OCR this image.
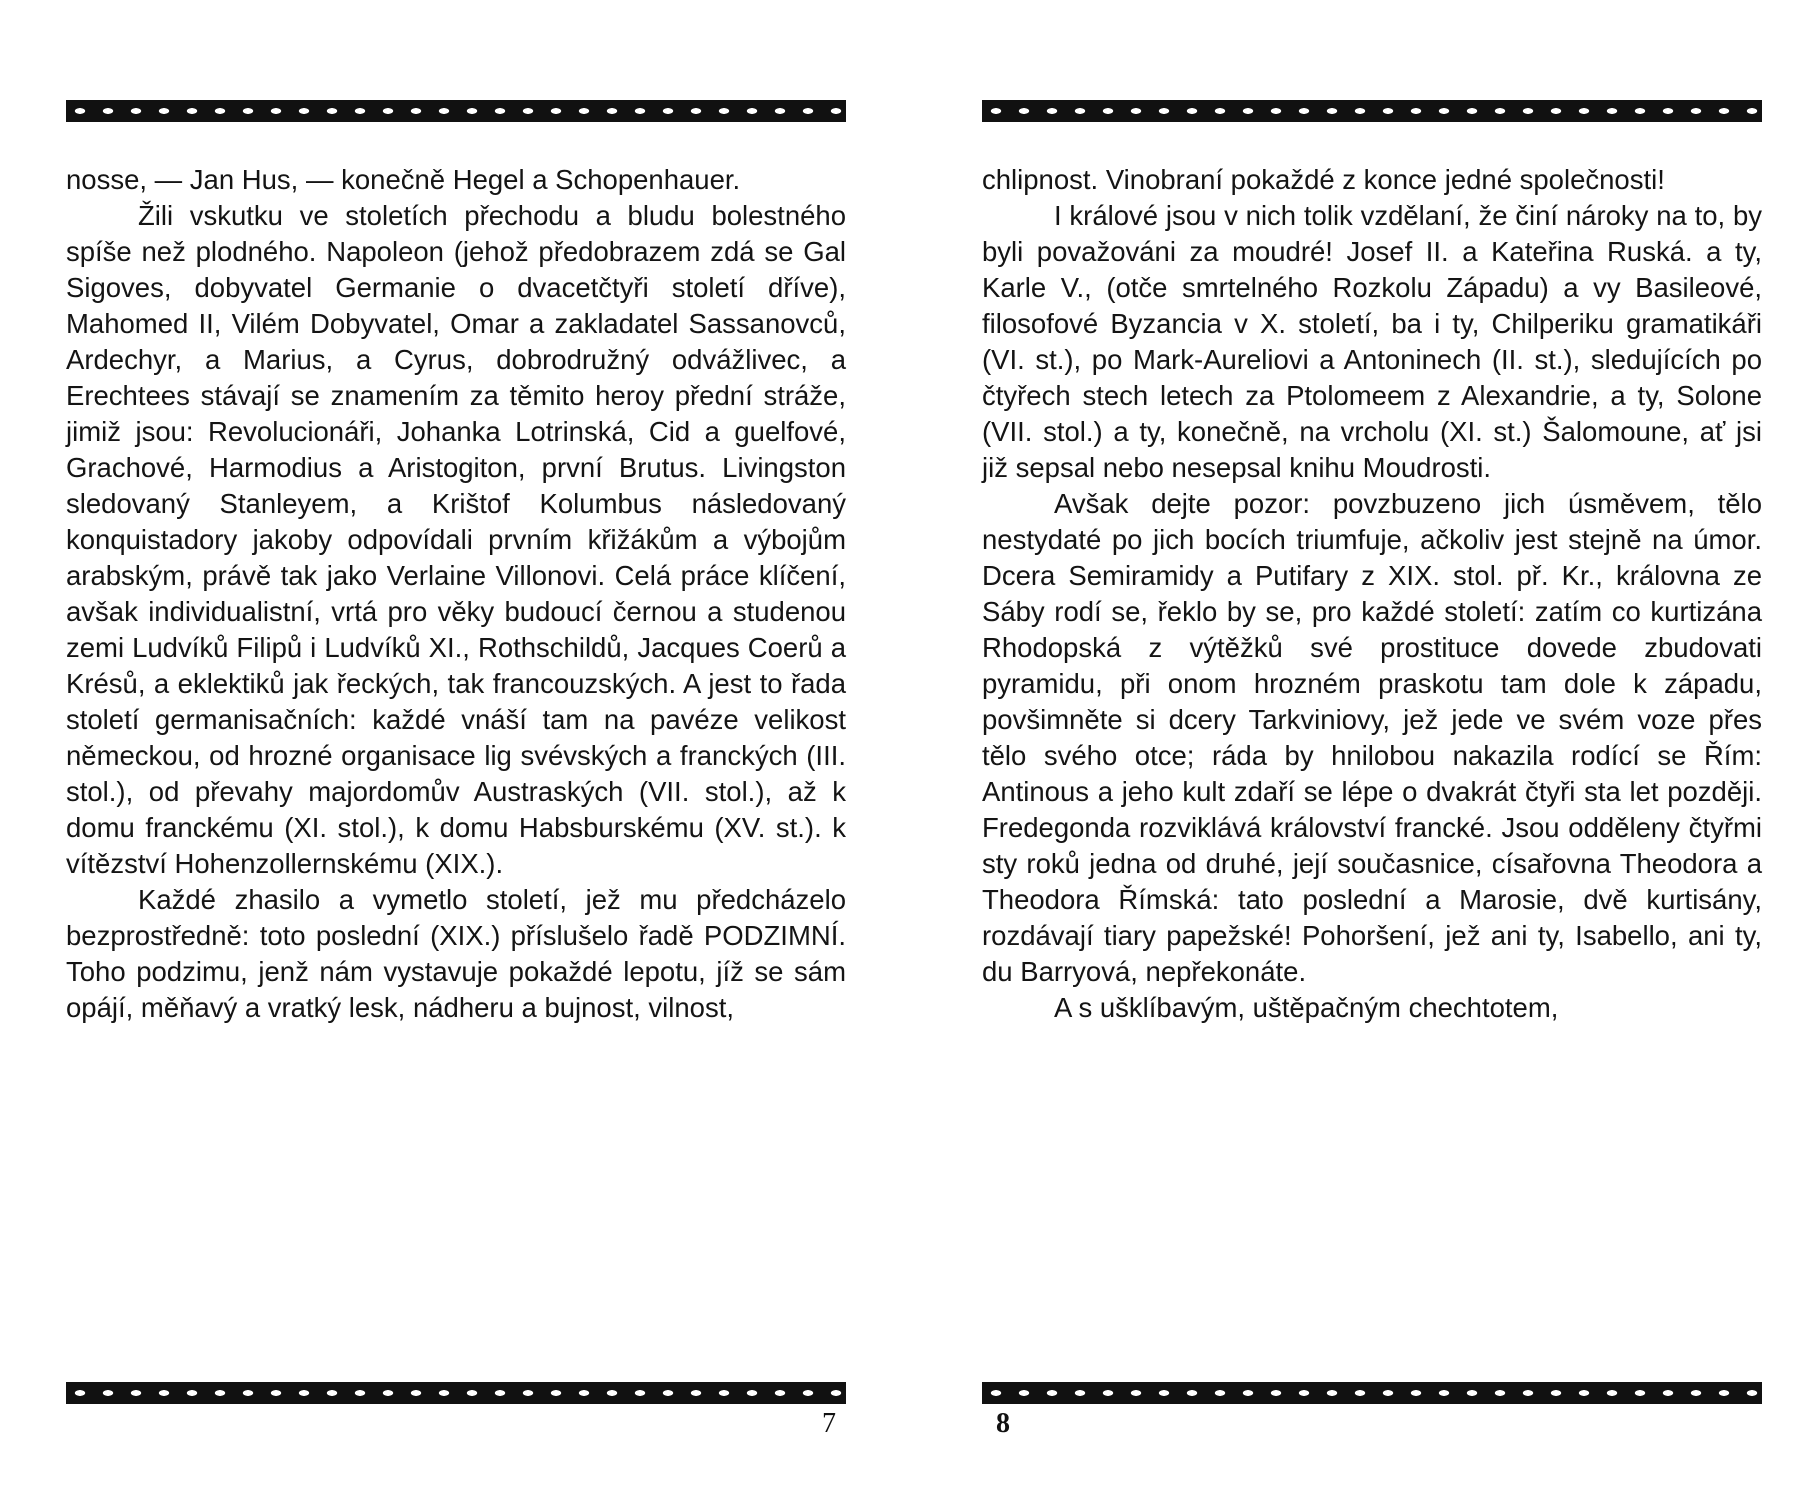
nosse, — Jan Hus, — konečně Hegel a Schopenhauer.

Žili vskutku ve stoletích přechodu a bludu bolestného spíše než plodného. Napoleon (jehož předobrazem zdá se Gal Sigoves, dobyvatel Germanie o dvacetčtyři století dříve), Mahomed II, Vilém Dobyvatel, Omar a zakladatel Sassanovců, Ardechyr, a Marius, a Cyrus, dobrodružný odvážlivec, a Erechtees stávají se znamením za těmito heroy přední stráže, jimiž jsou: Revolucionáři, Johanka Lotrinská, Cid a guelfové, Grachové, Harmodius a Aristogiton, první Brutus. Livingston sledovaný Stanleyem, a Krištof Kolumbus následovaný konquistadory jakoby odpovídali prvním křižákům a výbojům arabským, právě tak jako Verlaine Villonovi. Celá práce klíčení, avšak individualistní, vrtá pro věky budoucí černou a studenou zemi Ludvíků Filipů i Ludvíků XI., Rothschildů, Jacques Coerů a Krésů, a eklektiků jak řeckých, tak francouzských. A jest to řada století germanisačních: každé vnáší tam na pavéze velikost německou, od hrozné organisace lig svévských a franckých (III. stol.), od převahy majordomův Austraských (VII. stol.), až k domu franckému (XI. stol.), k domu Habsburskému (XV. st.). k vítězství Hohenzollernskému (XIX.).

Každé zhasilo a vymetlo století, jež mu předcházelo bezprostředně: toto poslední (XIX.) příslušelo řadě PODZIMNÍ. Toho podzimu, jenž nám vystavuje pokaždé lepotu, jíž se sám opájí, měňavý a vratký lesk, nádheru a bujnost, vilnost,

7

chlipnost. Vinobraní pokaždé z konce jedné společnosti!

I králové jsou v nich tolik vzdělaní, že činí nároky na to, by byli považováni za moudré! Josef II. a Kateřina Ruská. a ty, Karle V., (otče smrtelného Rozkolu Západu) a vy Basileové, filosofové Byzancia v X. století, ba i ty, Chilperiku gramatikáři (VI. st.), po Mark-Aureliovi a Antoninech (II. st.), sledujících po čtyřech stech letech za Ptolomeem z Alexandrie, a ty, Solone (VII. stol.) a ty, konečně, na vrcholu (XI. st.) Šalomoune, ať jsi již sepsal nebo nesepsal knihu Moudrosti.

Avšak dejte pozor: povzbuzeno jich úsměvem, tělo nestydaté po jich bocích triumfuje, ačkoliv jest stejně na úmor. Dcera Semiramidy a Putifary z XIX. stol. př. Kr., královna ze Sáby rodí se, řeklo by se, pro každé století: zatím co kurtizána Rhodopská z výtěžků své prostituce dovede zbudovati pyramidu, při onom hrozném praskotu tam dole k západu, povšimněte si dcery Tarkviniovy, jež jede ve svém voze přes tělo svého otce; ráda by hnilobou nakazila rodící se Řím: Antinous a jeho kult zdaří se lépe o dvakrát čtyři sta let později. Fredegonda rozviklává království francké. Jsou odděleny čtyřmi sty roků jedna od druhé, její současnice, císařovna Theodora a Theodora Římská: tato poslední a Marosie, dvě kurtisány, rozdávají tiary papežské! Pohoršení, jež ani ty, Isabello, ani ty, du Barryová, nepřekonáte.

A s ušklíbavým, uštěpačným chechtotem,

8
